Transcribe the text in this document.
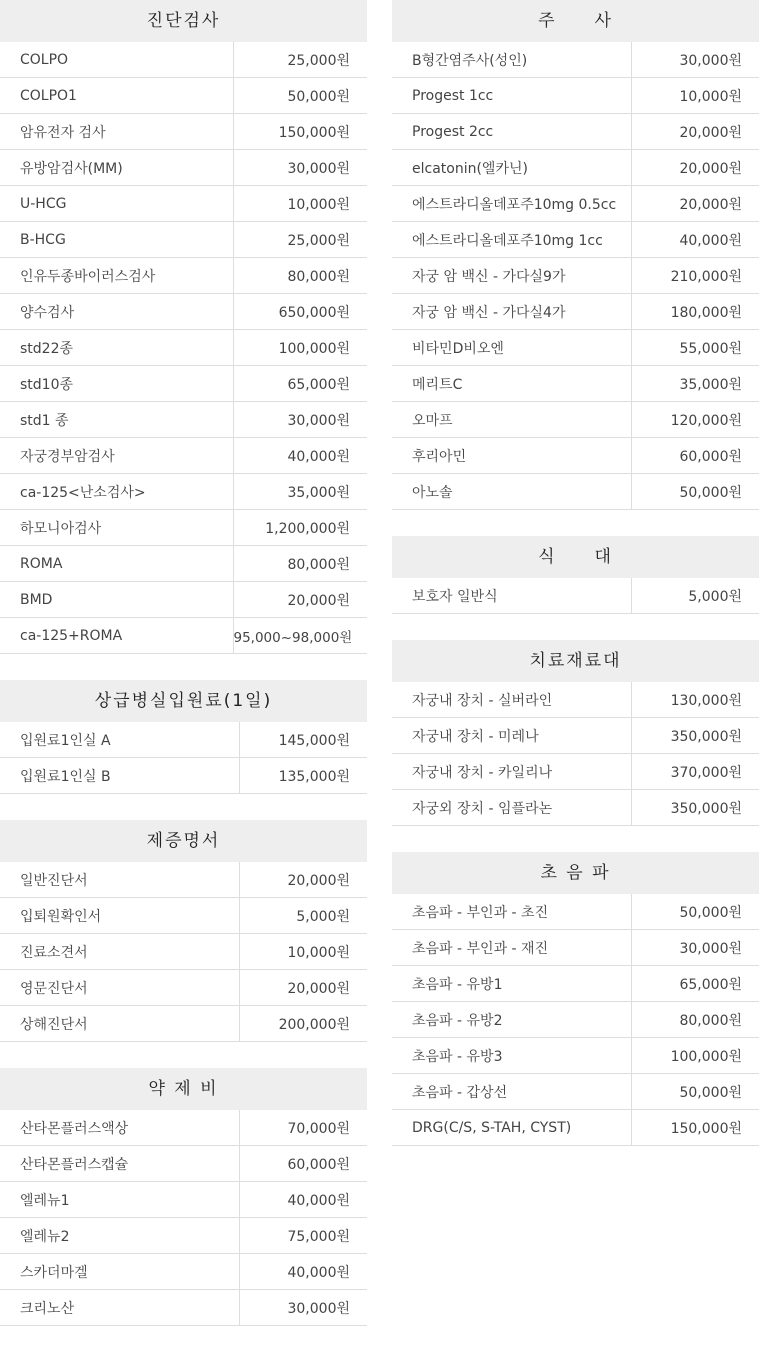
진단검사
COLPO	25,000원
COLPO1	50,000원
암유전자 검사	150,000원
유방암검사(MM)	30,000원
U-HCG	10,000원
B-HCG	25,000원
인유두종바이러스검사	80,000원
양수검사	650,000원
std22종	100,000원
std10종	65,000원
std1 종	30,000원
자궁경부암검사	40,000원
ca-125<난소검사>	35,000원
하모니아검사	1,200,000원
ROMA	80,000원
BMD	20,000원
ca-125+ROMA	95,000~98,000원
상급병실입원료(1일)
입원료1인실 A	145,000원
입원료1인실 B	135,000원
제증명서
일반진단서	20,000원
입퇴원확인서	5,000원
진료소견서	10,000원
영문진단서	20,000원
상해진단서	200,000원
약 제 비
산타몬플러스액상	70,000원
산타몬플러스캡슐	60,000원
엘레뉴1	40,000원
엘레뉴2	75,000원
스카더마겔	40,000원
크리노산	30,000원
주　　사
B형간염주사(성인)	30,000원
Progest 1cc	10,000원
Progest 2cc	20,000원
elcatonin(엘카닌)	20,000원
에스트라디올데포주10mg 0.5cc	20,000원
에스트라디올데포주10mg 1cc	40,000원
자궁 암 백신 - 가다실9가	210,000원
자궁 암 백신 - 가다실4가	180,000원
비타민D비오엔	55,000원
메리트C	35,000원
오마프	120,000원
후리아민	60,000원
아노솔	50,000원
식　　대
보호자 일반식	5,000원
치료재료대
자궁내 장치 - 실버라인	130,000원
자궁내 장치 - 미레나	350,000원
자궁내 장치 - 카일리나	370,000원
자궁외 장치 - 임플라논	350,000원
초 음 파
초음파 - 부인과 - 초진	50,000원
초음파 - 부인과 - 재진	30,000원
초음파 - 유방1	65,000원
초음파 - 유방2	80,000원
초음파 - 유방3	100,000원
초음파 - 갑상선	50,000원
DRG(C/S, S-TAH, CYST)	150,000원
